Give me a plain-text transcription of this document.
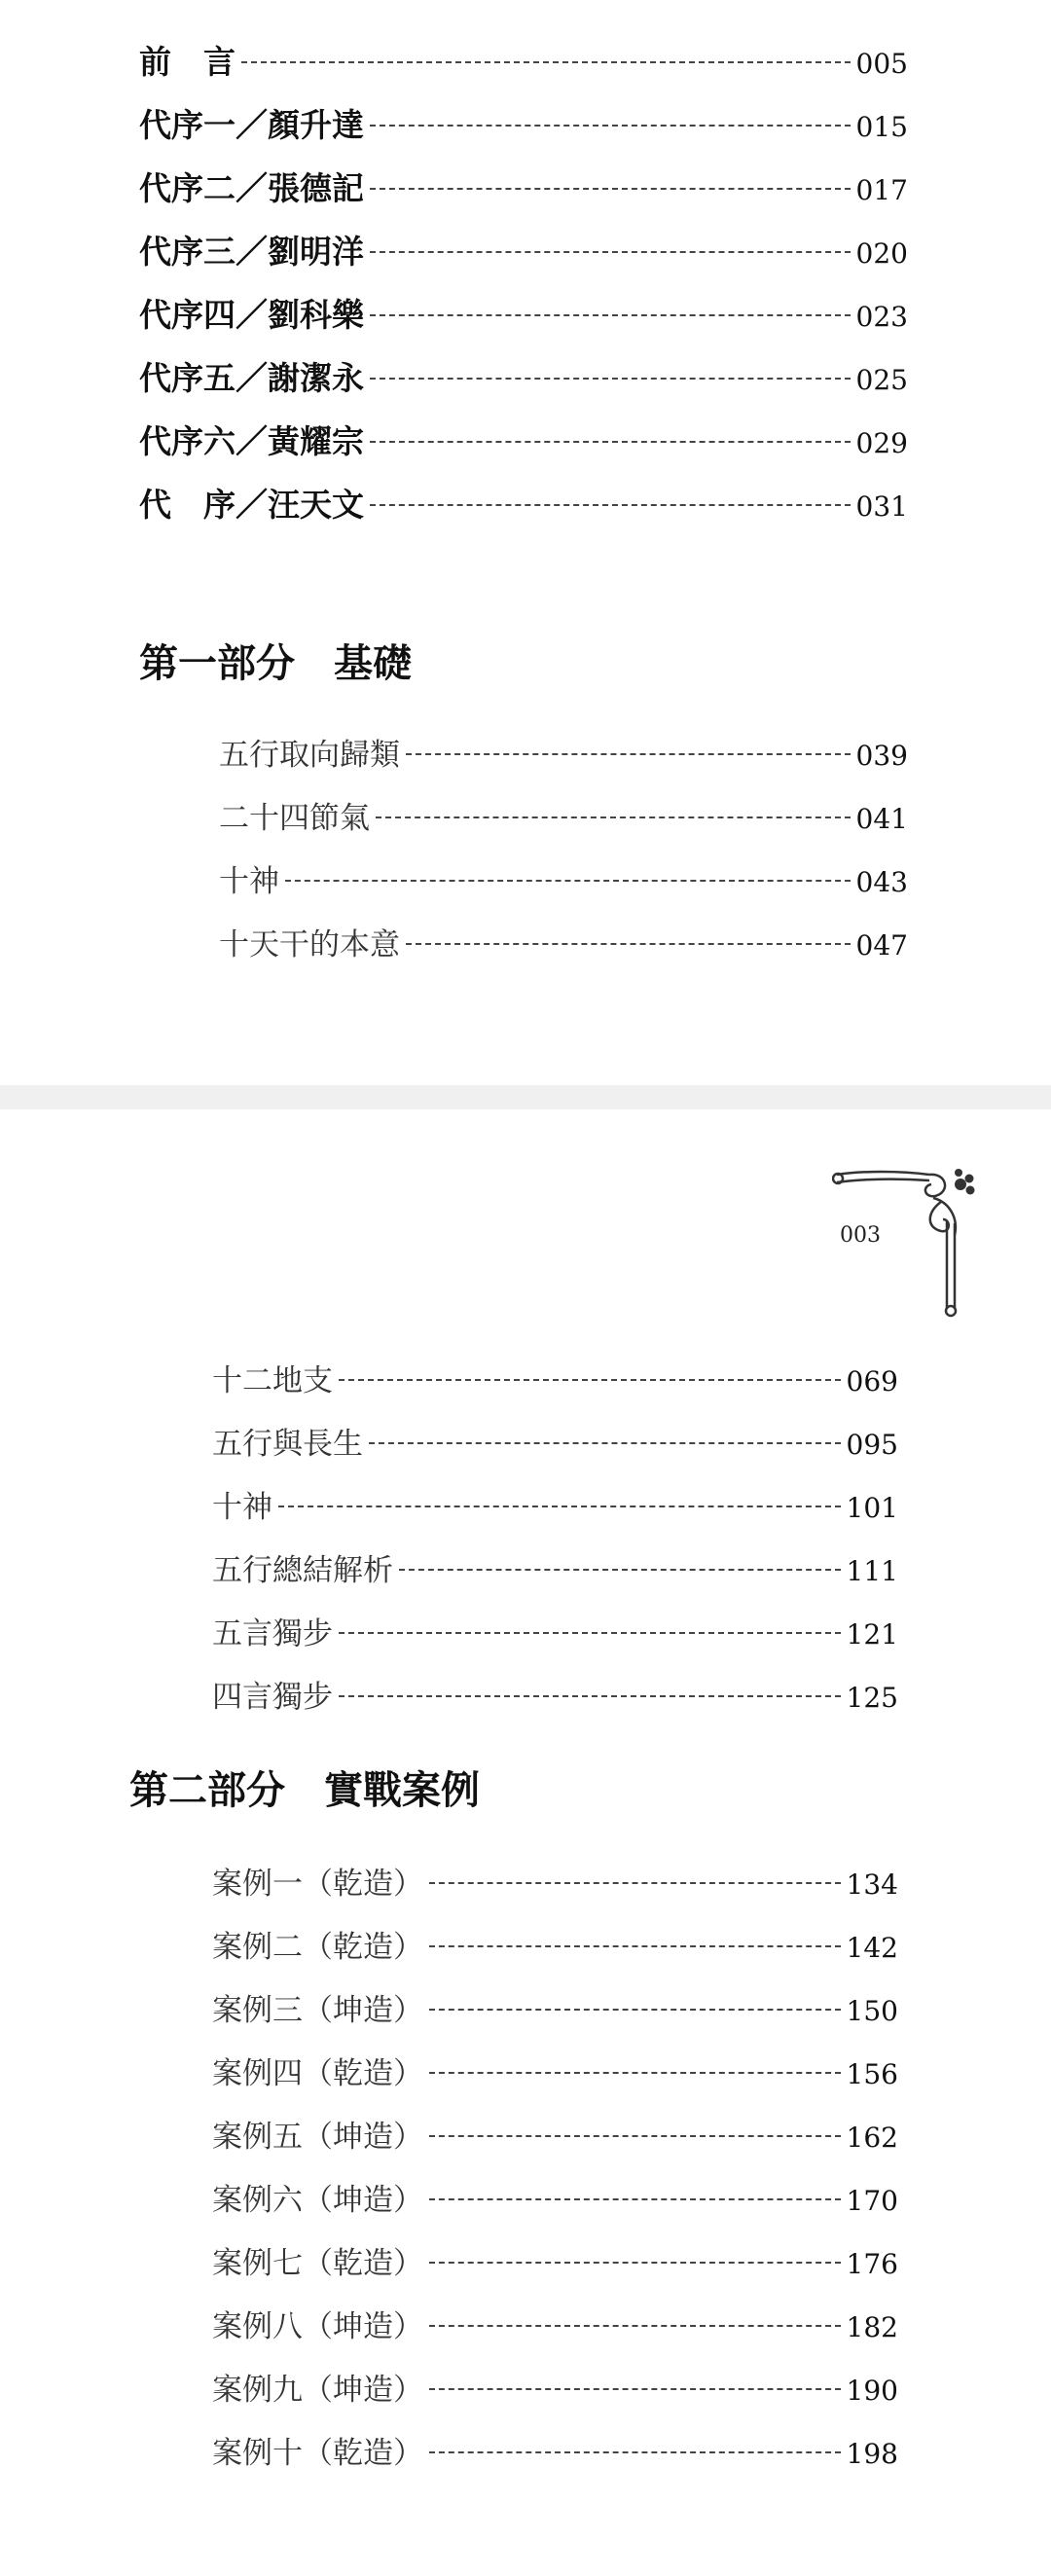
前　言	005
代序一／顏升達	015
代序二／張德記	017
代序三／劉明洋	020
代序四／劉科樂	023
代序五／謝潔永	025
代序六／黃耀宗	029
代　序／汪天文	031
第一部分　基礎
五行取向歸類	039
二十四節氣	041
十神	043
十天干的本意	047
003
十二地支	069
五行與長生	095
十神	101
五行總結解析	111
五言獨步	121
四言獨步	125
第二部分　實戰案例
案例一（乾造）	134
案例二（乾造）	142
案例三（坤造）	150
案例四（乾造）	156
案例五（坤造）	162
案例六（坤造）	170
案例七（乾造）	176
案例八（坤造）	182
案例九（坤造）	190
案例十（乾造）	198
